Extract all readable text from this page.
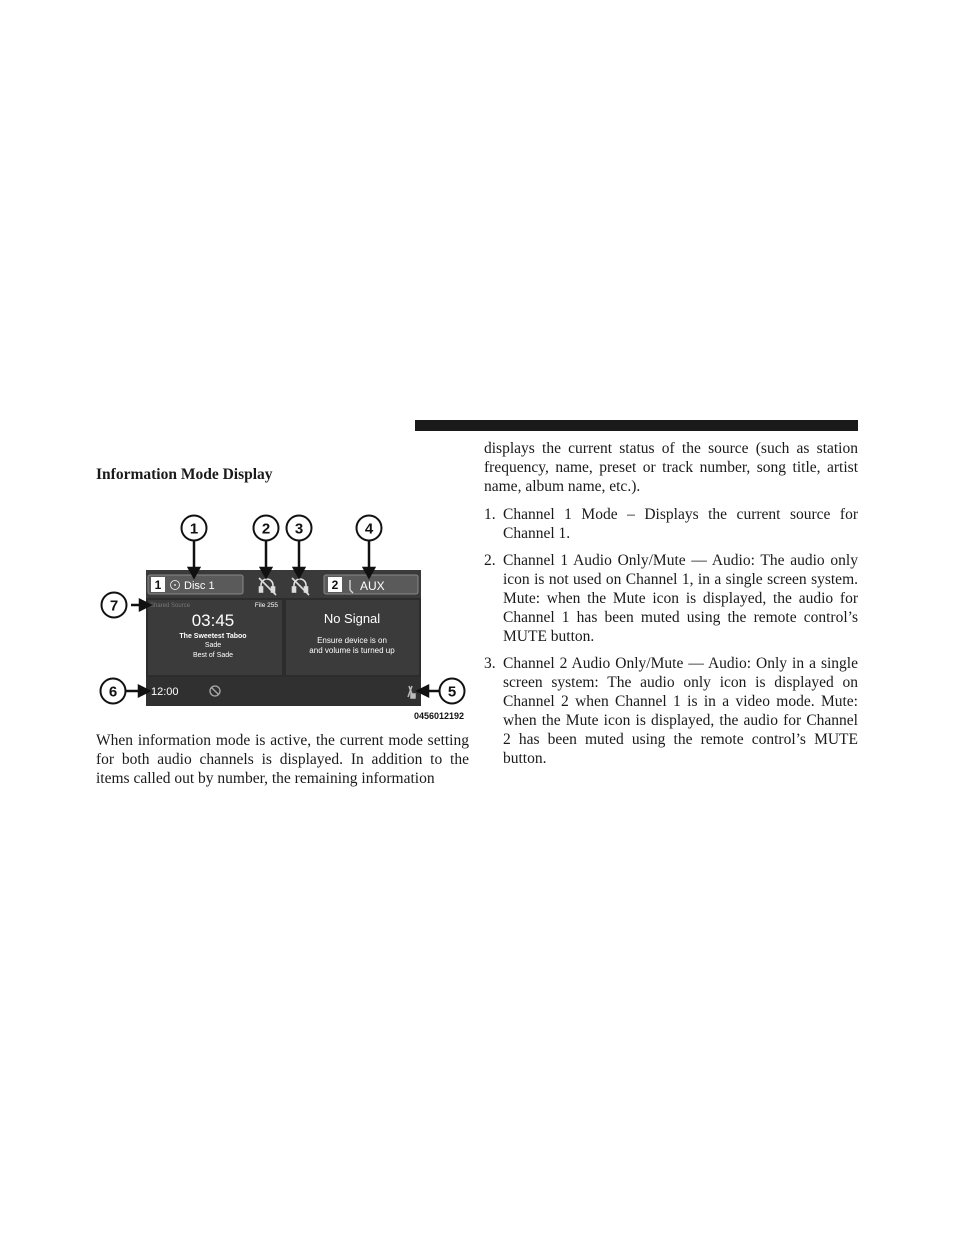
Information Mode Display
1 Disc 1	2 AUX
Shared Source	File 255
03:45
The Sweetest Taboo
Sade
Best of Sade
No Signal
Ensure device is on
and volume is turned up
12:00
1	2 3	4
5
6
7
0456012192
When information mode is active, the current mode setting for both audio channels is displayed. In addition to the items called out by number, the remaining information
displays the current status of the source (such as station frequency, name, preset or track number, song title, artist name, album name, etc.).
1. Channel 1 Mode – Displays the current source for Channel 1.
2. Channel 1 Audio Only/Mute — Audio: The audio only icon is not used on Channel 1, in a single screen system. Mute: when the Mute icon is displayed, the audio for Channel 1 has been muted using the remote control’s MUTE button.
3. Channel 2 Audio Only/Mute — Audio: Only in a single screen system: The audio only icon is displayed on Channel 2 when Channel 1 is in a video mode. Mute: when the Mute icon is displayed, the audio for Channel 2 has been muted using the remote control’s MUTE button.
